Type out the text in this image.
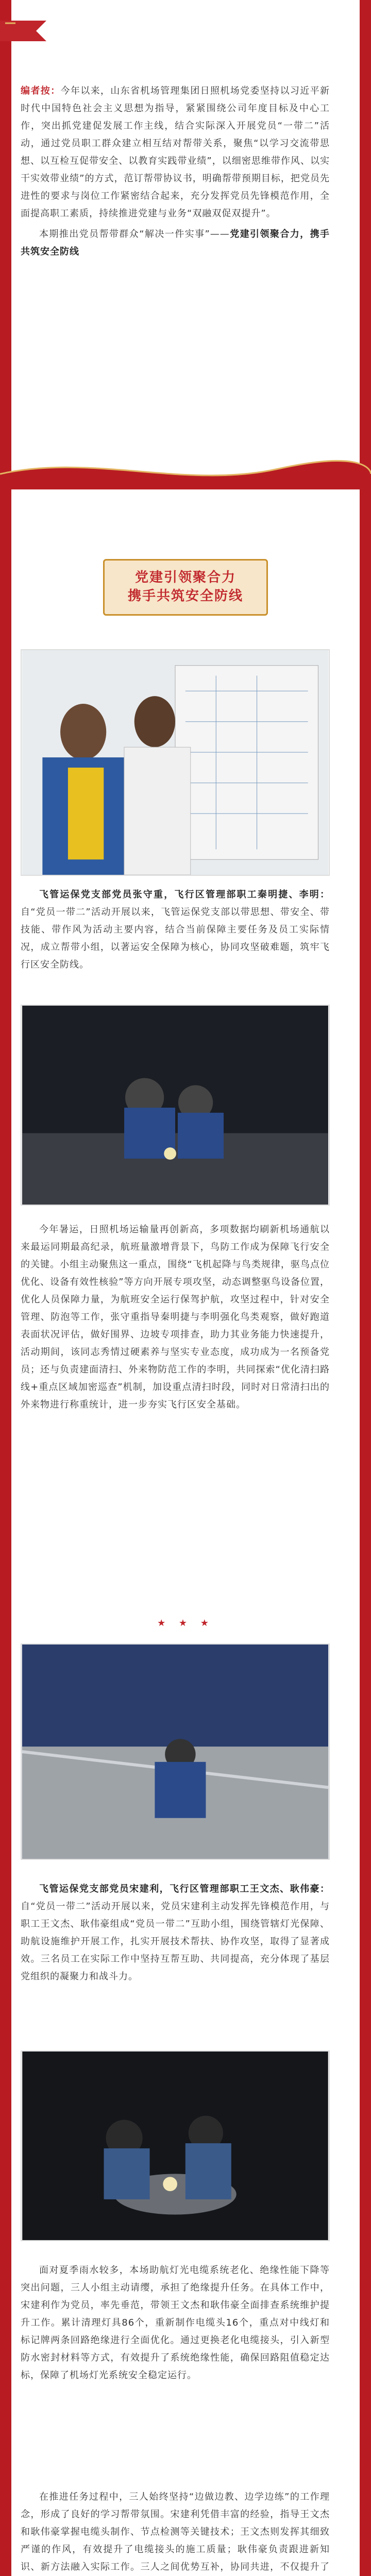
编者按：今年以来，山东省机场管理集团日照机场党委坚持以习近平新时代中国特色社会主义思想为指导，紧紧围绕公司年度目标及中心工作，突出抓党建促发展工作主线，结合实际深入开展党员“一带二”活动，通过党员职工群众建立相互结对帮带关系，聚焦“以学习交流带思想、以互检互促带安全、以教育实践带业绩”，以细密思维带作风、以实干实效带业绩”的方式，范订帮带协议书，明确帮带预期目标，把党员先进性的要求与岗位工作紧密结合起来，充分发挥党员先锋模范作用，全面提高职工素质，持续推进党建与业务“双融双促双提升”。

本期推出党员帮带群众“解决一件实事”——党建引领聚合力，携手共筑安全防线

党建引领聚合力
携手共筑安全防线

飞管运保党支部党员张守重，飞行区管理部职工秦明捷、李明：自“党员一带二”活动开展以来，飞管运保党支部以带思想、带安全、带技能、带作风为活动主要内容，结合当前保障主要任务及员工实际情况，成立帮带小组，以著运安全保障为核心，协同攻坚破难题，筑牢飞行区安全防线。

今年暑运，日照机场运输量再创新高，多项数据均刷新机场通航以来最运同期最高纪录，航班量激增背景下，鸟防工作成为保障飞行安全的关键。小组主动聚焦这一重点，围绕“飞机起降与鸟类规律，驱鸟点位优化、设备有效性核验”等方向开展专项攻坚，动态调整驱鸟设备位置，优化人员保障力量，为航班安全运行保驾护航，攻坚过程中，针对安全管理、防泡等工作，张守重指导秦明捷与李明强化鸟类观察，做好跑道表面状况评估，做好围界、边坡专项排查，助力其业务能力快速提升，活动期间，该同志秀情过硬素养与坚实专业态度，成功成为一名预备党员；还与负责建面清扫、外来物防范工作的李明，共同探索“优化清扫路线+重点区域加密巡查”机制，加设重点清扫时段，同时对日常清扫出的外来物进行称重统计，进一步夯实飞行区安全基础。

★ ★ ★

飞管运保党支部党员宋建利，飞行区管理部职工王文杰、耿伟豪：自“党员一带二”活动开展以来，党员宋建利主动发挥先锋模范作用，与职工王文杰、耿伟豪组成“党员一带二”互助小组，围绕管辖灯光保障、助航设施维护开展工作，扎实开展技术帮扶、协作攻坚，取得了显著成效。三名员工在实际工作中坚持互帮互助、共同提高，充分体现了基层党组织的凝聚力和战斗力。

面对夏季雨水较多，本场助航灯光电缆系统老化、绝缘性能下降等突出问题，三人小组主动请缨，承担了绝缘提升任务。在具体工作中，宋建利作为党员，率先垂范，带领王文杰和耿伟豪全面排查系统维护提升工作。累计清理灯具86个，重新制作电缆头16个，重点对中线灯和标记牌两条回路绝缘进行全面优化。通过更换老化电缆接头，引入新型防水密封材料等方式，有效提升了系统绝缘性能，确保回路阻值稳定达标，保障了机场灯光系统安全稳定运行。

在推进任务过程中，三人始终坚持“边做边教、边学边练”的工作理念，形成了良好的学习帮带氛围。宋建利凭借丰富的经验，指导王文杰和耿伟豪掌握电缆头制作、节点检测等关键技术；王文杰则发挥其细致严谨的作风，有效提升了电缆接头的施工质量；耿伟豪负责跟进新知识、新方法融入实际工作。三人之间优势互补，协同共进，不仅提升了
